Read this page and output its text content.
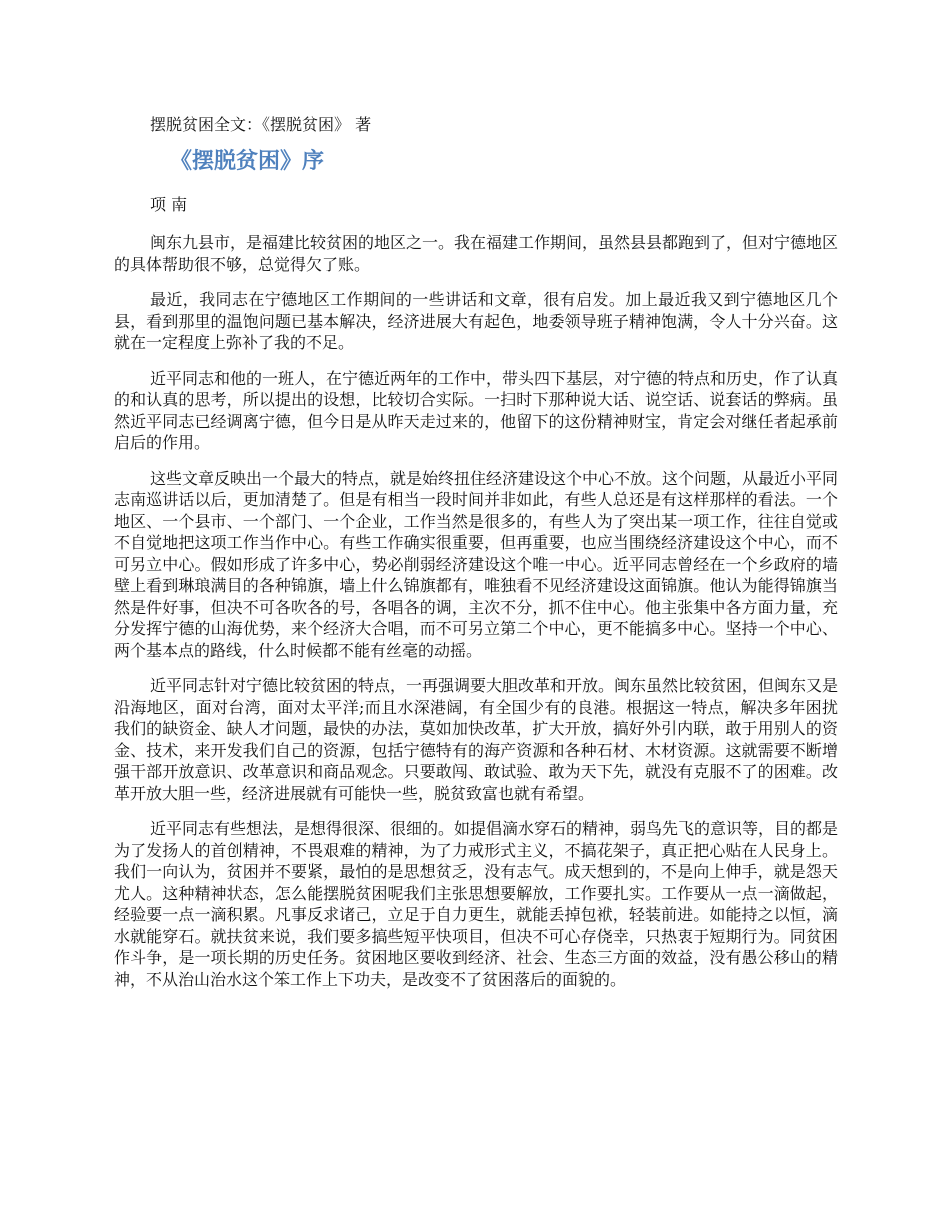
摆脱贫困全文：《摆脱贫困》 著
《摆脱贫困》序
项 南

闽东九县市，是福建比较贫困的地区之一。我在福建工作期间，虽然县县都跑到了，但对宁德地区的具体帮助很不够，总觉得欠了账。

最近，我同志在宁德地区工作期间的一些讲话和文章，很有启发。加上最近我又到宁德地区几个县，看到那里的温饱问题已基本解决，经济进展大有起色，地委领导班子精神饱满，令人十分兴奋。这就在一定程度上弥补了我的不足。

近平同志和他的一班人，在宁德近两年的工作中，带头四下基层，对宁德的特点和历史，作了认真的和认真的思考，所以提出的设想，比较切合实际。一扫时下那种说大话、说空话、说套话的弊病。虽然近平同志已经调离宁德，但今日是从昨天走过来的，他留下的这份精神财宝，肯定会对继任者起承前启后的作用。

这些文章反映出一个最大的特点，就是始终扭住经济建设这个中心不放。这个问题，从最近小平同志南巡讲话以后，更加清楚了。但是有相当一段时间并非如此，有些人总还是有这样那样的看法。一个地区、一个县市、一个部门、一个企业，工作当然是很多的，有些人为了突出某一项工作，往往自觉或不自觉地把这项工作当作中心。有些工作确实很重要，但再重要，也应当围绕经济建设这个中心，而不可另立中心。假如形成了许多中心，势必削弱经济建设这个唯一中心。近平同志曾经在一个乡政府的墙壁上看到琳琅满目的各种锦旗，墙上什么锦旗都有，唯独看不见经济建设这面锦旗。他认为能得锦旗当然是件好事，但决不可各吹各的号，各唱各的调，主次不分，抓不住中心。他主张集中各方面力量，充分发挥宁德的山海优势，来个经济大合唱，而不可另立第二个中心，更不能搞多中心。坚持一个中心、两个基本点的路线，什么时候都不能有丝毫的动摇。

近平同志针对宁德比较贫困的特点，一再强调要大胆改革和开放。闽东虽然比较贫困，但闽东又是沿海地区，面对台湾，面对太平洋;而且水深港阔，有全国少有的良港。根据这一特点，解决多年困扰我们的缺资金、缺人才问题，最快的办法，莫如加快改革，扩大开放，搞好外引内联，敢于用别人的资金、技术，来开发我们自己的资源，包括宁德特有的海产资源和各种石材、木材资源。这就需要不断增强干部开放意识、改革意识和商品观念。只要敢闯、敢试验、敢为天下先，就没有克服不了的困难。改革开放大胆一些，经济进展就有可能快一些，脱贫致富也就有希望。

近平同志有些想法，是想得很深、很细的。如提倡滴水穿石的精神，弱鸟先飞的意识等，目的都是为了发扬人的首创精神，不畏艰难的精神，为了力戒形式主义，不搞花架子，真正把心贴在人民身上。我们一向认为，贫困并不要紧，最怕的是思想贫乏，没有志气。成天想到的，不是向上伸手，就是怨天尤人。这种精神状态，怎么能摆脱贫困呢我们主张思想要解放，工作要扎实。工作要从一点一滴做起，经验要一点一滴积累。凡事反求诸己，立足于自力更生，就能丢掉包袱，轻装前进。如能持之以恒，滴水就能穿石。就扶贫来说，我们要多搞些短平快项目，但决不可心存侥幸，只热衷于短期行为。同贫困作斗争，是一项长期的历史任务。贫困地区要收到经济、社会、生态三方面的效益，没有愚公移山的精神，不从治山治水这个笨工作上下功夫，是改变不了贫困落后的面貌的。
